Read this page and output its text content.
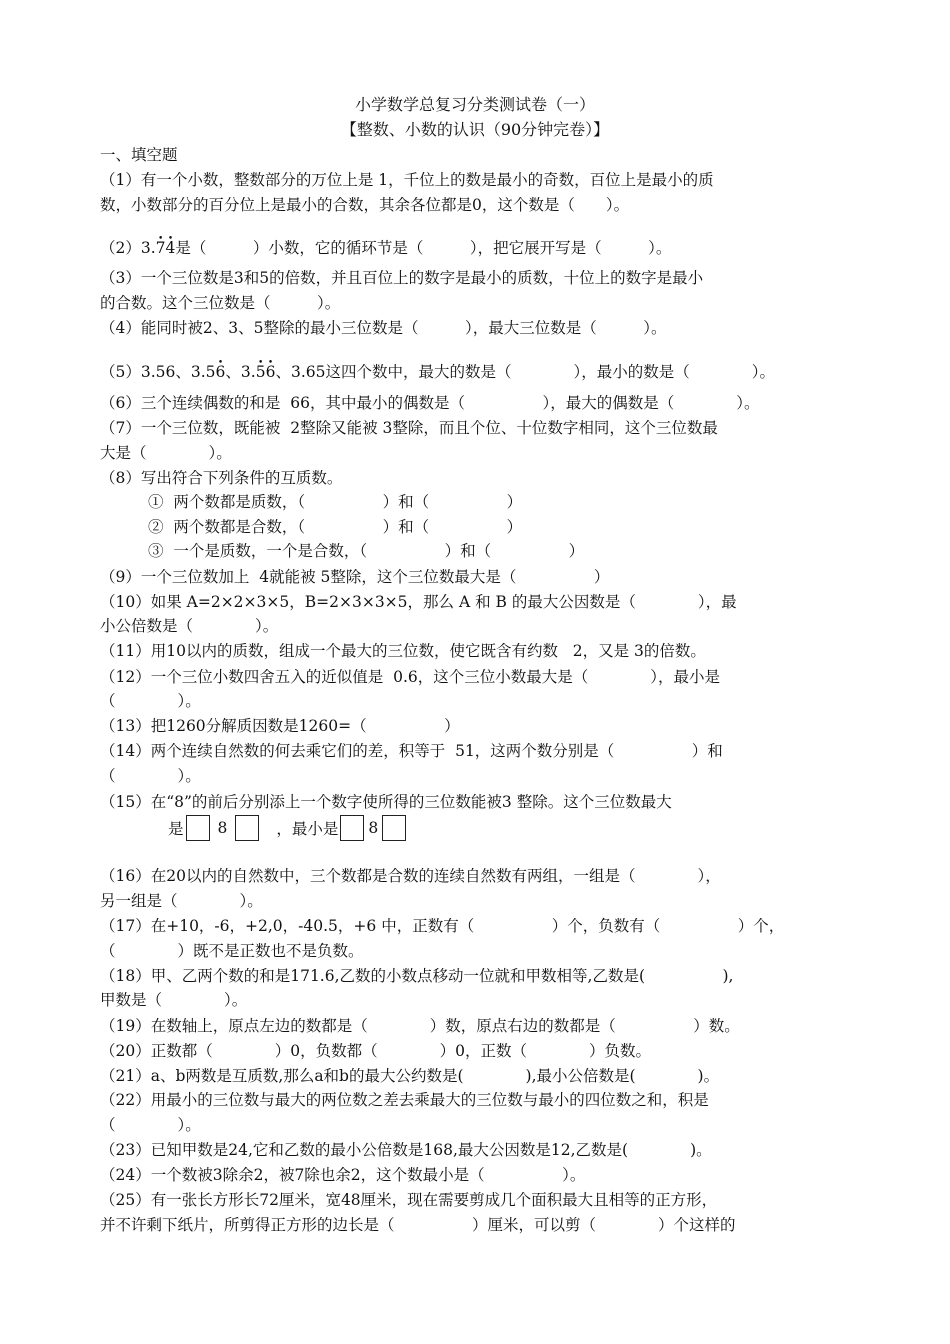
小学数学总复习分类测试卷（一）
【整数、小数的认识（90分钟完卷）】
一、填空题
（1）有一个小数，整数部分的万位上是 1，千位上的数是最小的奇数，百位上是最小的质
数，小数部分的百分位上是最小的合数，其余各位都是0，这个数是（　　）。
（2）3.• 7• 4是（　　　）小数，它的循环节是（　　　），把它展开写是（　　　）。
（3）一个三位数是3和5的倍数，并且百位上的数字是最小的质数，十位上的数字是最小
的合数。这个三位数是（　　　）。
（4）能同时被2、3、5整除的最小三位数是（　　　），最大三位数是（　　　）。
（5）3.56、3.5• 6、3.• 5• 6、3.65这四个数中，最大的数是（　　　　），最小的数是（　　　　）。
（6）三个连续偶数的和是  66，其中最小的偶数是（　　　　　），最大的偶数是（　　　　）。
（7）一个三位数，既能被  2整除又能被 3整除，而且个位、十位数字相同，这个三位数最
大是（　　　　）。
（8）写出符合下列条件的互质数。
①  两个数都是质数，（　　　　　）和（　　　　　）
②  两个数都是合数，（　　　　　）和（　　　　　）
③  一个是质数，一个是合数，（　　　　　）和（　　　　　）
（9）一个三位数加上  4就能被 5整除，这个三位数最大是（　　　　　）
（10）如果 A=2×2×3×5，B=2×3×3×5，那么 A 和 B 的最大公因数是（　　　　），最
小公倍数是（　　　　）。
（11）用10以内的质数，组成一个最大的三位数，使它既含有约数   2，又是 3的倍数。
（12）一个三位小数四舍五入的近似值是  0.6，这个三位小数最大是（　　　　），最小是
（　　　　）。
（13）把1260分解质因数是1260=（　　　　　）
（14）两个连续自然数的何去乘它们的差，积等于  51，这两个数分别是（　　　　　）和
（　　　　）。
（15）在“8”的前后分别添上一个数字使所得的三位数能被3 整除。这个三位数最大
是 8	，最小是 8
（16）在20以内的自然数中，三个数都是合数的连续自然数有两组，一组是（　　　　），
另一组是（　　　　）。
（17）在+10，-6，+2,0，-40.5，+6 中，正数有（　　　　　）个，负数有（　　　　　）个，
（　　　　）既不是正数也不是负数。
（18）甲、乙两个数的和是171.6,乙数的小数点移动一位就和甲数相等,乙数是(　　　　　),
甲数是（　　　　）。
（19）在数轴上，原点左边的数都是（　　　　）数，原点右边的数都是（　　　　　）数。
（20）正数都（　　　　）0，负数都（　　　　）0，正数（　　　　）负数。
（21）a、b两数是互质数,那么a和b的最大公约数是(　　　　),最小公倍数是(　　　　)。
（22）用最小的三位数与最大的两位数之差去乘最大的三位数与最小的四位数之和，积是
（　　　　）。
（23）已知甲数是24,它和乙数的最小公倍数是168,最大公因数是12,乙数是(　　　　)。
（24）一个数被3除余2，被7除也余2，这个数最小是（　　　　　）。
（25）有一张长方形长72厘米，宽48厘米，现在需要剪成几个面积最大且相等的正方形，
并不许剩下纸片，所剪得正方形的边长是（　　　　　）厘米，可以剪（　　　　）个这样的
